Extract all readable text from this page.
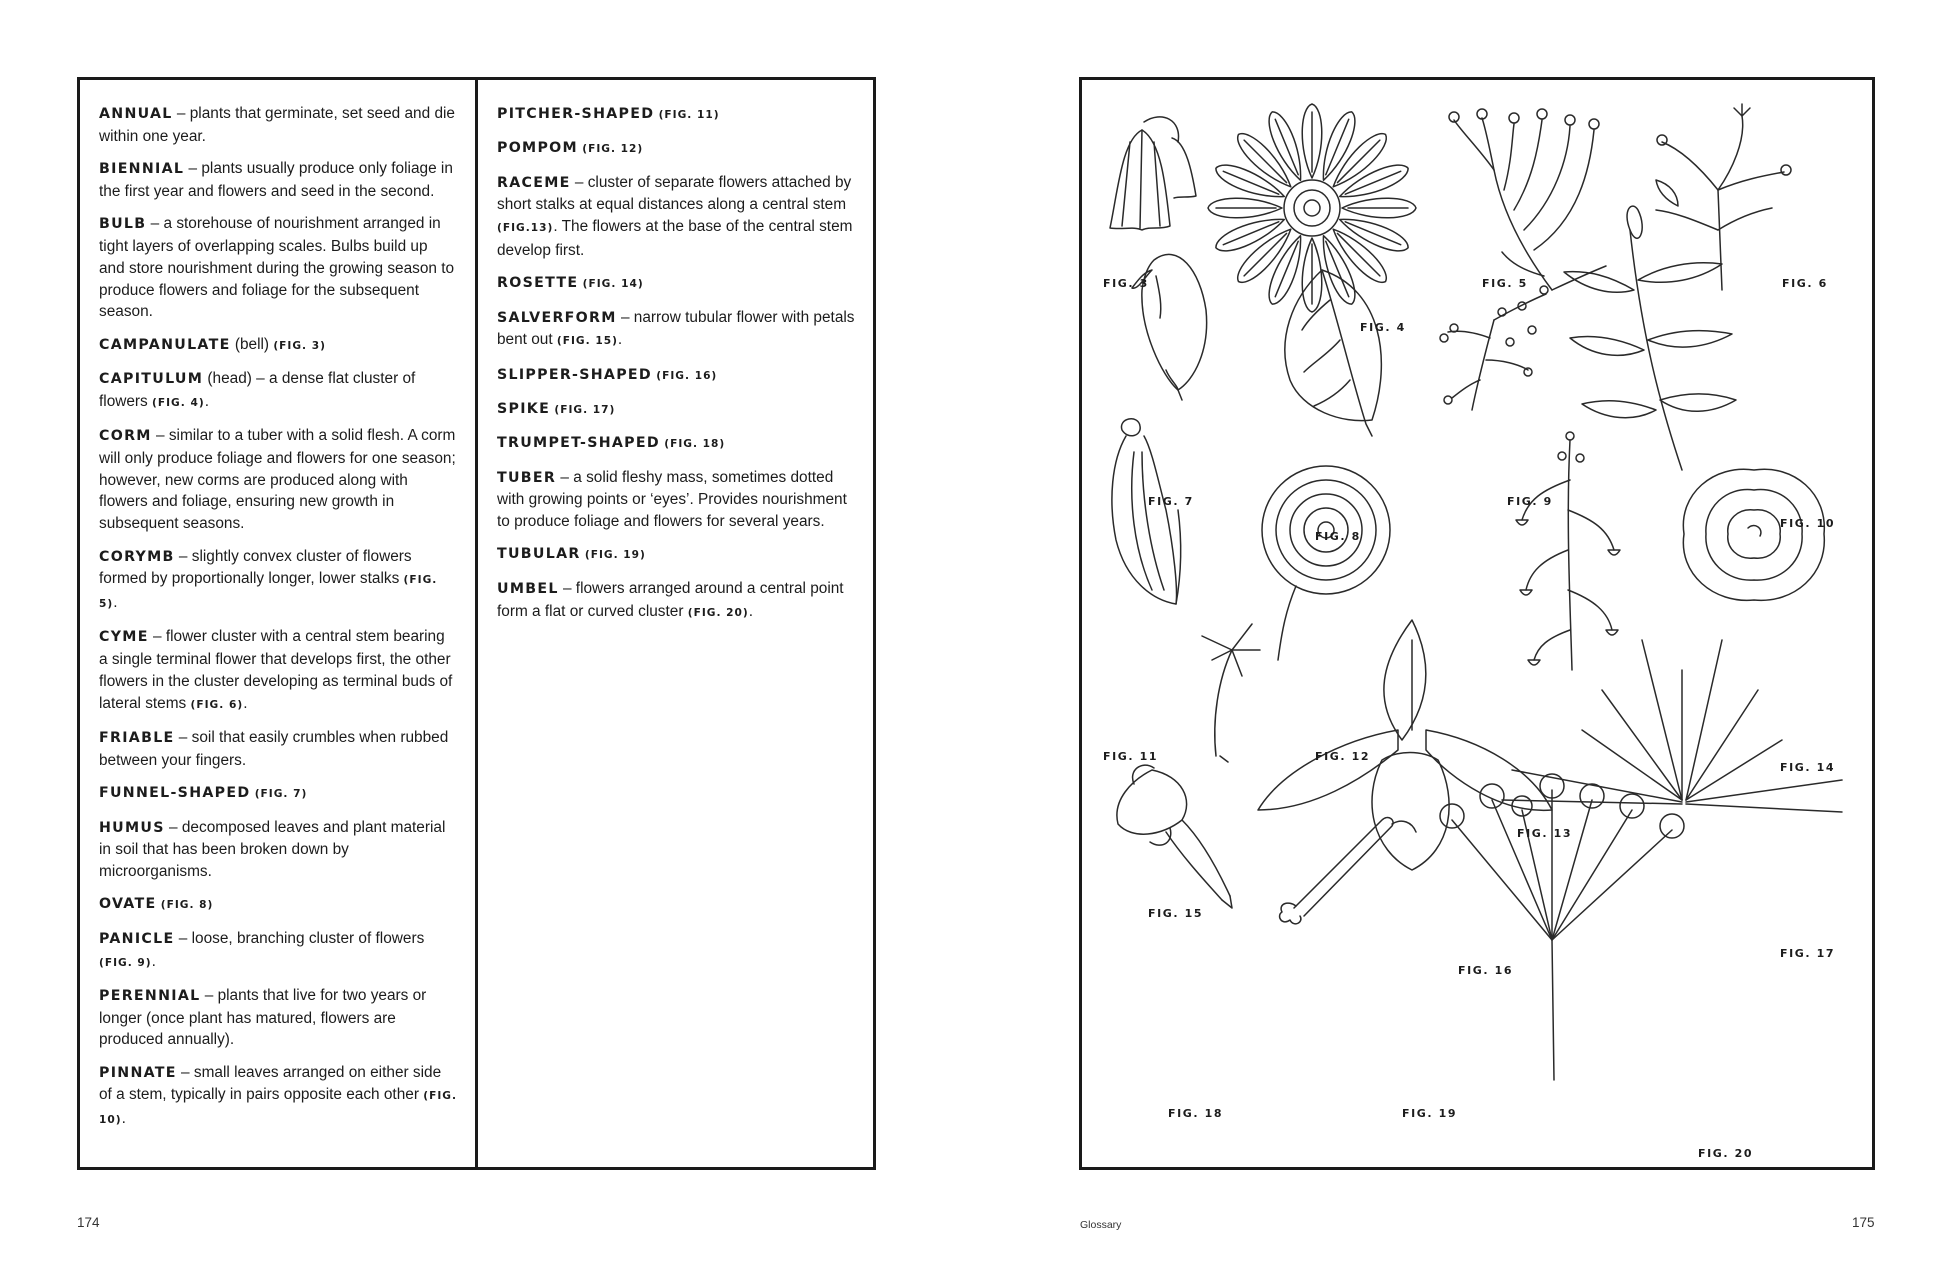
ANNUAL – plants that germinate, set seed and die within one year.

BIENNIAL – plants usually produce only foliage in the first year and flowers and seed in the second.

BULB – a storehouse of nourishment arranged in tight layers of overlapping scales. Bulbs build up and store nourishment during the growing season to produce flowers and foliage for the subsequent season.

CAMPANULATE (bell) (FIG. 3)

CAPITULUM (head) – a dense flat cluster of flowers (FIG. 4).

CORM – similar to a tuber with a solid flesh. A corm will only produce foliage and flowers for one season; however, new corms are produced along with flowers and foliage, ensuring new growth in subsequent seasons.

CORYMB – slightly convex cluster of flowers formed by proportionally longer, lower stalks (FIG. 5).

CYME – flower cluster with a central stem bearing a single terminal flower that develops first, the other flowers in the cluster developing as terminal buds of lateral stems (FIG. 6).

FRIABLE – soil that easily crumbles when rubbed between your fingers.

FUNNEL-SHAPED (FIG. 7)

HUMUS – decomposed leaves and plant material in soil that has been broken down by microorganisms.

OVATE (FIG. 8)

PANICLE – loose, branching cluster of flowers (FIG. 9).

PERENNIAL – plants that live for two years or longer (once plant has matured, flowers are produced annually).

PINNATE – small leaves arranged on either side of a stem, typically in pairs opposite each other (FIG. 10).

PITCHER-SHAPED (FIG. 11)

POMPOM (FIG. 12)

RACEME – cluster of separate flowers attached by short stalks at equal distances along a central stem (FIG.13). The flowers at the base of the central stem develop first.

ROSETTE (FIG. 14)

SALVERFORM – narrow tubular flower with petals bent out (FIG. 15).

SLIPPER-SHAPED (FIG. 16)

SPIKE (FIG. 17)

TRUMPET-SHAPED (FIG. 18)

TUBER – a solid fleshy mass, sometimes dotted with growing points or ‘eyes’. Provides nourishment to produce foliage and flowers for several years.

TUBULAR (FIG. 19)

UMBEL – flowers arranged around a central point form a flat or curved cluster (FIG. 20).

FIG. 3
FIG. 4
FIG. 5	FIG. 6
FIG. 7
FIG. 8
FIG. 9
FIG. 10
FIG. 11	FIG. 12
FIG. 13
FIG. 14
FIG. 15
FIG. 16
FIG. 17
FIG. 18	FIG. 19
FIG. 20
174	Glossary	175
